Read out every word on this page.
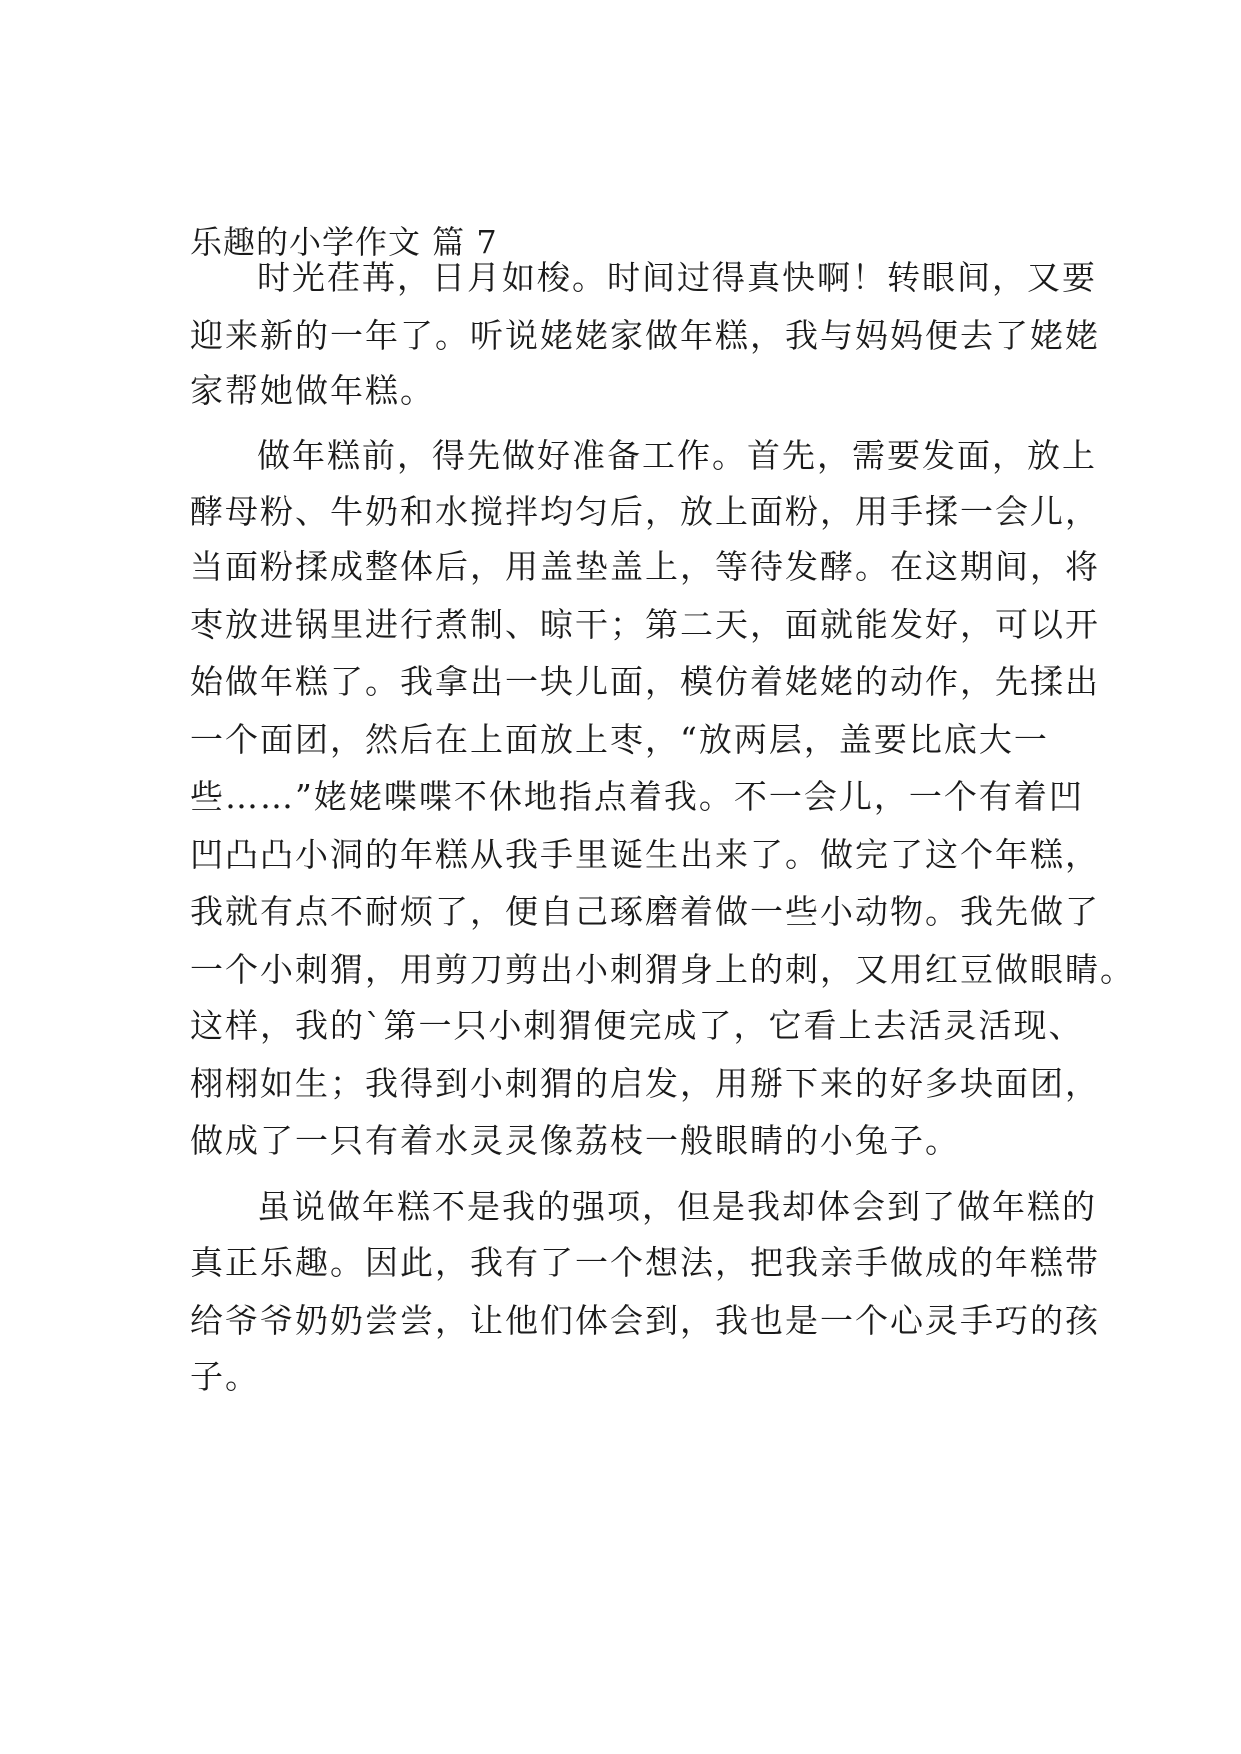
乐趣的小学作文 篇 7
时光荏苒，日月如梭。时间过得真快啊！转眼间，又要
迎来新的一年了。听说姥姥家做年糕，我与妈妈便去了姥姥
家帮她做年糕。
做年糕前，得先做好准备工作。首先，需要发面，放上
酵母粉、牛奶和水搅拌均匀后，放上面粉，用手揉一会儿，
当面粉揉成整体后，用盖垫盖上，等待发酵。在这期间，将
枣放进锅里进行煮制、晾干；第二天，面就能发好，可以开
始做年糕了。我拿出一块儿面，模仿着姥姥的动作，先揉出
一个面团，然后在上面放上枣，“放两层，盖要比底大一
些……”姥姥喋喋不休地指点着我。不一会儿，一个有着凹
凹凸凸小洞的年糕从我手里诞生出来了。做完了这个年糕，
我就有点不耐烦了，便自己琢磨着做一些小动物。我先做了
一个小刺猬，用剪刀剪出小刺猬身上的刺，又用红豆做眼睛。
这样，我的`第一只小刺猬便完成了，它看上去活灵活现、
栩栩如生；我得到小刺猬的启发，用掰下来的好多块面团，
做成了一只有着水灵灵像荔枝一般眼睛的小兔子。
虽说做年糕不是我的强项，但是我却体会到了做年糕的
真正乐趣。因此，我有了一个想法，把我亲手做成的年糕带
给爷爷奶奶尝尝，让他们体会到，我也是一个心灵手巧的孩
子。
